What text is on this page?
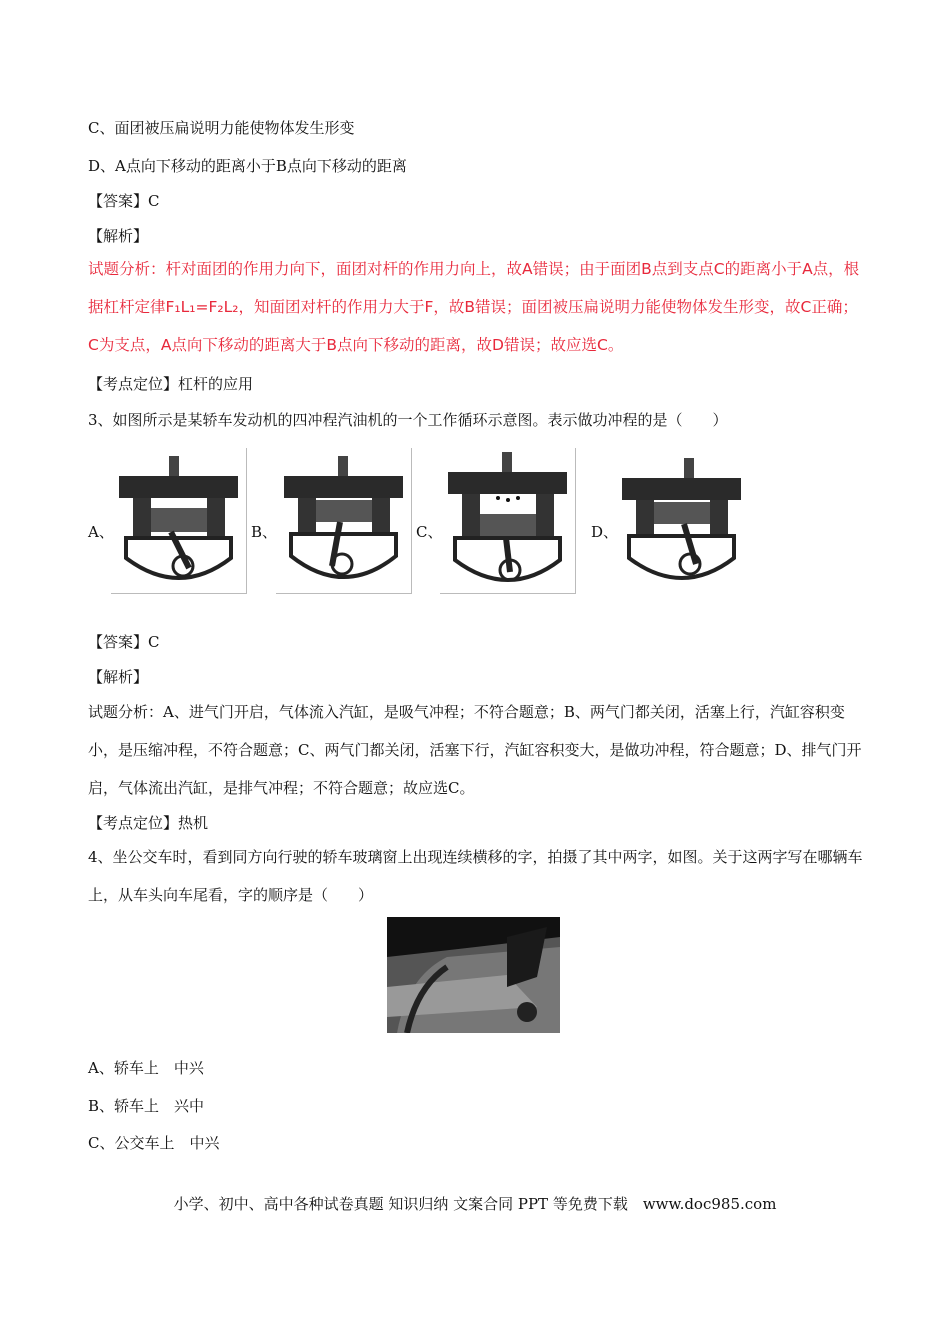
C、面团被压扁说明力能使物体发生形变
D、A点向下移动的距离小于B点向下移动的距离
【答案】C
【解析】
试题分析：杆对面团的作用力向下，面团对杆的作用力向上，故A错误；由于面团B点到支点C的距离小于A点，根据杠杆定律F₁L₁=F₂L₂，知面团对杆的作用力大于F，故B错误；面团被压扁说明力能使物体发生形变，故C正确；C为支点，A点向下移动的距离大于B点向下移动的距离，故D错误；故应选C。
【考点定位】杠杆的应用
3、如图所示是某轿车发动机的四冲程汽油机的一个工作循环示意图。表示做功冲程的是（　　）
A、	B、	C、	D、
【答案】C
【解析】
试题分析：A、进气门开启，气体流入汽缸，是吸气冲程；不符合题意；B、两气门都关闭，活塞上行，汽缸容积变小，是压缩冲程，不符合题意；C、两气门都关闭，活塞下行，汽缸容积变大，是做功冲程，符合题意；D、排气门开启，气体流出汽缸，是排气冲程；不符合题意；故应选C。
【考点定位】热机
4、坐公交车时，看到同方向行驶的轿车玻璃窗上出现连续横移的字，拍摄了其中两字，如图。关于这两字写在哪辆车上，从车头向车尾看，字的顺序是（　　）
A、轿车上　中兴
B、轿车上　兴中
C、公交车上　中兴
小学、初中、高中各种试卷真题 知识归纳 文案合同 PPT 等免费下载　www.doc985.com
